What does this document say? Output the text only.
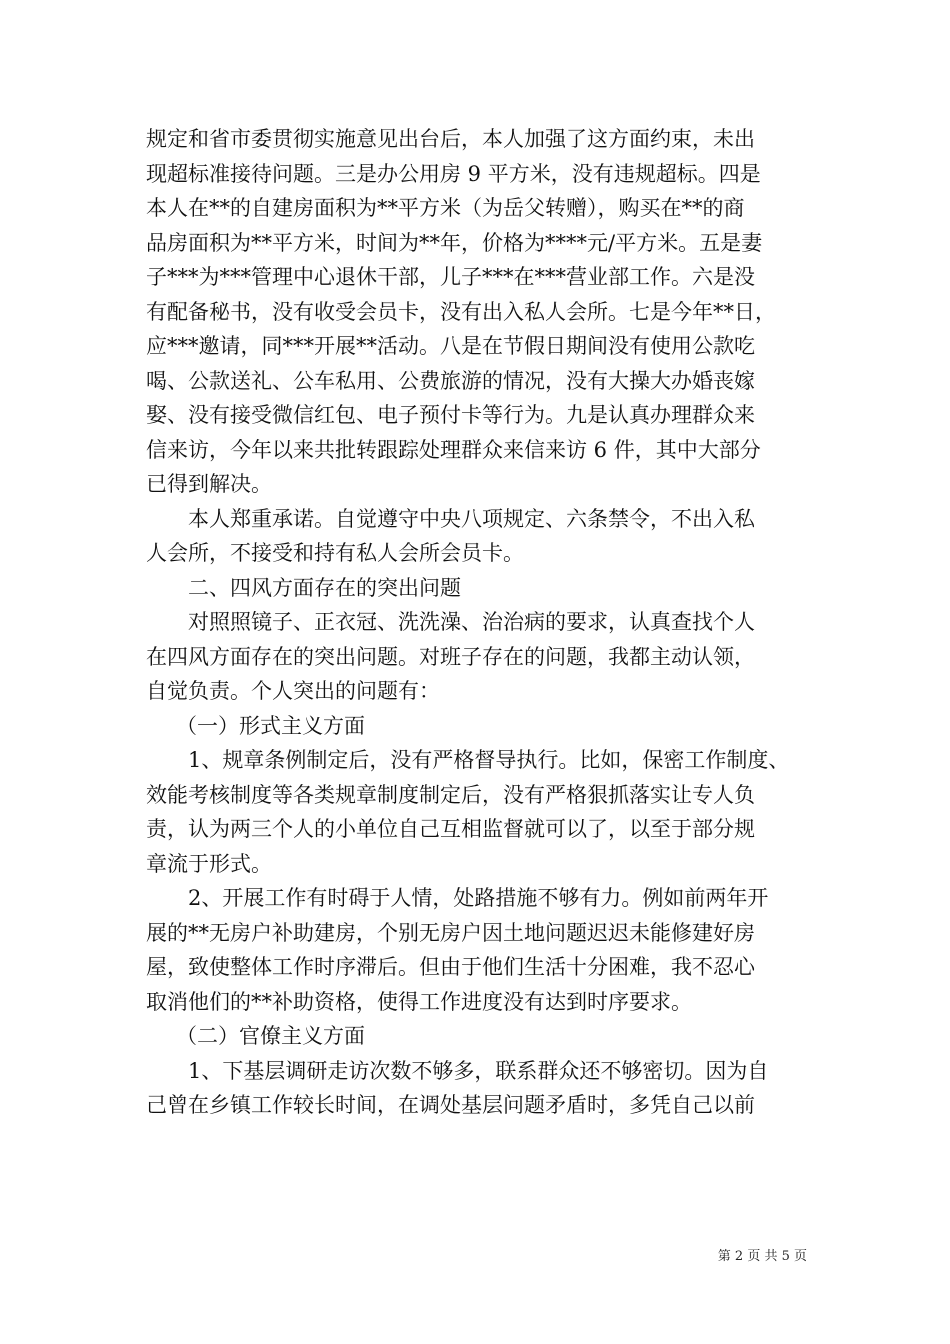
规定和省市委贯彻实施意见出台后，本人加强了这方面约束，未出
现超标准接待问题。三是办公用房 9 平方米，没有违规超标。四是
本人在**的自建房面积为**平方米（为岳父转赠），购买在**的商
品房面积为**平方米，时间为**年，价格为****元/平方米。五是妻
子***为***管理中心退休干部，儿子***在***营业部工作。六是没
有配备秘书，没有收受会员卡，没有出入私人会所。七是今年**日，
应***邀请，同***开展**活动。八是在节假日期间没有使用公款吃
喝、公款送礼、公车私用、公费旅游的情况，没有大操大办婚丧嫁
娶、没有接受微信红包、电子预付卡等行为。九是认真办理群众来
信来访，今年以来共批转跟踪处理群众来信来访 6 件，其中大部分
已得到解决。
本人郑重承诺。自觉遵守中央八项规定、六条禁令，不出入私
人会所，不接受和持有私人会所会员卡。
二、四风方面存在的突出问题
对照照镜子、正衣冠、洗洗澡、治治病的要求，认真查找个人
在四风方面存在的突出问题。对班子存在的问题，我都主动认领，
自觉负责。个人突出的问题有：
（一）形式主义方面
1、规章条例制定后，没有严格督导执行。比如，保密工作制度、
效能考核制度等各类规章制度制定后，没有严格狠抓落实让专人负
责，认为两三个人的小单位自己互相监督就可以了，以至于部分规
章流于形式。
2、开展工作有时碍于人情，处路措施不够有力。例如前两年开
展的**无房户补助建房，个别无房户因土地问题迟迟未能修建好房
屋，致使整体工作时序滞后。但由于他们生活十分困难，我不忍心
取消他们的**补助资格，使得工作进度没有达到时序要求。
（二）官僚主义方面
1、下基层调研走访次数不够多，联系群众还不够密切。因为自
己曾在乡镇工作较长时间，在调处基层问题矛盾时，多凭自己以前
第 2 页 共 5 页
